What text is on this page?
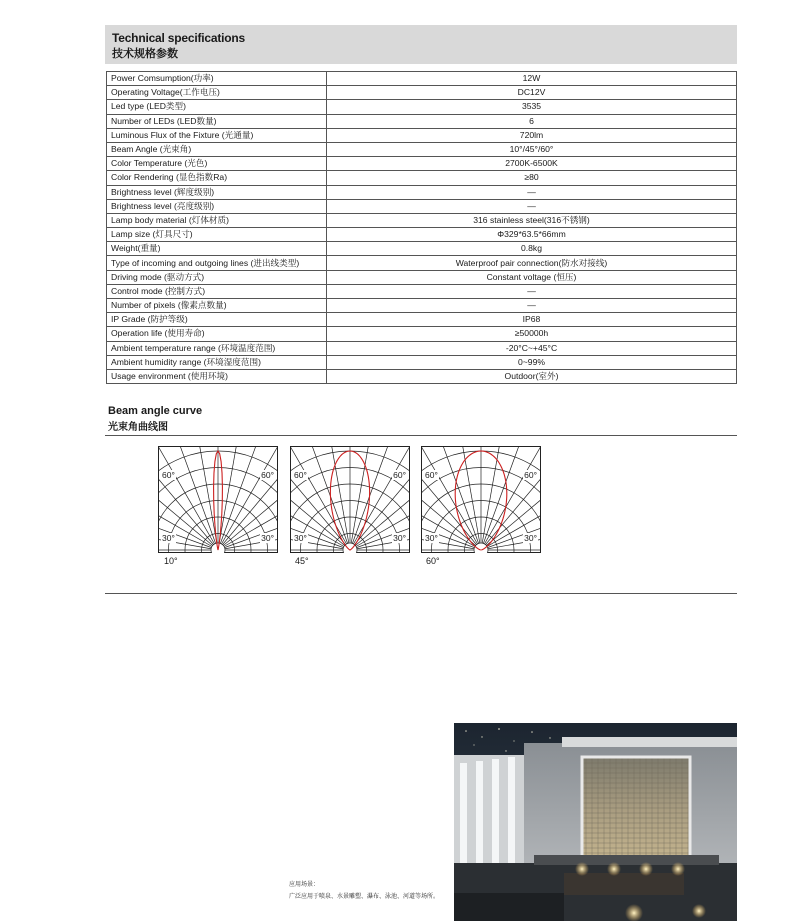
Technical specifications
技术规格参数
Power Comsumption(功率)	12W
Operating Voltage(工作电压)	DC12V
Led type (LED类型)	3535
Number of LEDs (LED数量)	6
Luminous Flux of the Fixture (光通量)	720lm
Beam Angle (光束角)	10°/45°/60°
Color Temperature (光色)	2700K-6500K
Color Rendering (显色指数Ra)	≥80
Brightness level (辉度级别)	—
Brightness level (亮度级别)	—
Lamp body material (灯体材质)	316 stainless steel(316不锈钢)
Lamp size (灯具尺寸)	Φ329*63.5*66mm
Weight(重量)	0.8kg
Type of incoming and outgoing lines (进出线类型)	Waterproof pair connection(防水对接线)
Driving mode (驱动方式)	Constant voltage (恒压)
Control mode (控制方式)	—
Number of pixels (像素点数量)	—
IP Grade (防护等级)	IP68
Operation life (使用寿命)	≥50000h
Ambient temperature range (环境温度范围)	-20°C~+45°C
Ambient humidity range (环境湿度范围)	0~99%
Usage environment (使用环境)	Outdoor(室外)
Beam angle curve
光束角曲线图
60°	60°
30°	30°
60°	60°
30°	30°
60°	60°
30°	30°
10°	45°	60°
应用场景：
广泛应用于喷泉、水景雕塑、瀑布、泳池、河道等场所。
